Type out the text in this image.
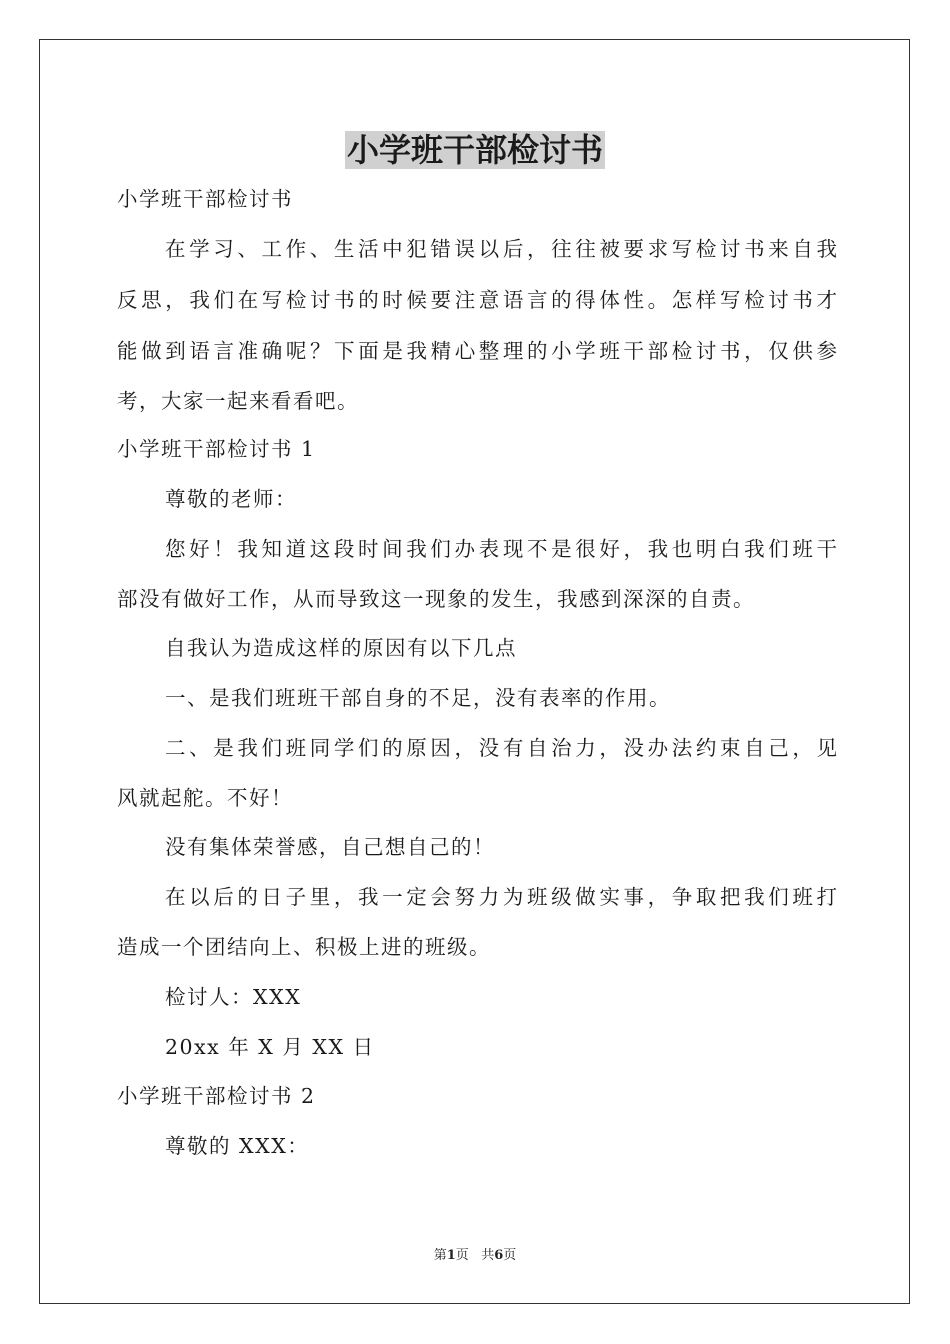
小学班干部检讨书
小学班干部检讨书
在学习、工作、生活中犯错误以后，往往被要求写检讨书来自我
反思，我们在写检讨书的时候要注意语言的得体性。怎样写检讨书才
能做到语言准确呢？下面是我精心整理的小学班干部检讨书，仅供参
考，大家一起来看看吧。
小学班干部检讨书 1
尊敬的老师：
您好！我知道这段时间我们办表现不是很好，我也明白我们班干
部没有做好工作，从而导致这一现象的发生，我感到深深的自责。
自我认为造成这样的原因有以下几点
一、是我们班班干部自身的不足，没有表率的作用。
二、是我们班同学们的原因，没有自治力，没办法约束自己，见
风就起舵。不好！
没有集体荣誉感，自己想自己的！
在以后的日子里，我一定会努力为班级做实事，争取把我们班打
造成一个团结向上、积极上进的班级。
检讨人：XXX
20xx 年 X 月 XX 日
小学班干部检讨书 2
尊敬的 XXX：
第1页 共6页
